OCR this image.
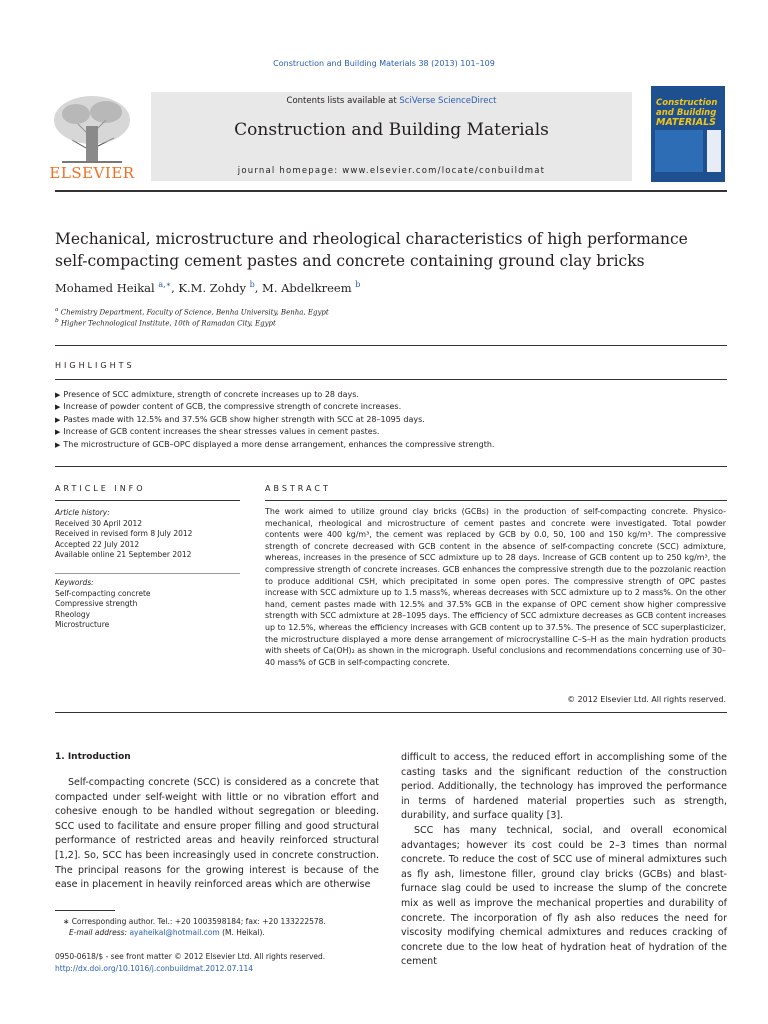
Construction and Building Materials 38 (2013) 101–109
ELSEVIER
Contents lists available at SciVerse ScienceDirect
Construction and Building Materials
journal homepage: www.elsevier.com/locate/conbuildmat
Construction
and Building
MATERIALS
Mechanical, microstructure and rheological characteristics of high performance
self-compacting cement pastes and concrete containing ground clay bricks
Mohamed Heikal $^{a,∗}$, K.M. Zohdy $^b$, M. Abdelkreem $^b$
$^a$ Chemistry Department, Faculty of Science, Benha University, Benha, Egypt
$^b$ Higher Technological Institute, 10th of Ramadan City, Egypt
HIGHLIGHTS
▶ Presence of SCC admixture, strength of concrete increases up to 28 days.
▶ Increase of powder content of GCB, the compressive strength of concrete increases.
▶ Pastes made with 12.5% and 37.5% GCB show higher strength with SCC at 28–1095 days.
▶ Increase of GCB content increases the shear stresses values in cement pastes.
▶ The microstructure of GCB–OPC displayed a more dense arrangement, enhances the compressive strength.
ARTICLE INFO
Article history:
Received 30 April 2012
Received in revised form 8 July 2012
Accepted 22 July 2012
Available online 21 September 2012
Keywords:
Self-compacting concrete
Compressive strength
Rheology
Microstructure
ABSTRACT
The work aimed to utilize ground clay bricks (GCBs) in the production of self-compacting concrete. Physico-mechanical, rheological and microstructure of cement pastes and concrete were investigated. Total powder contents were 400 kg/m³, the cement was replaced by GCB by 0.0, 50, 100 and 150 kg/m³. The compressive strength of concrete decreased with GCB content in the absence of self-compacting concrete (SCC) admixture, whereas, increases in the presence of SCC admixture up to 28 days. Increase of GCB content up to 250 kg/m³, the compressive strength of concrete increases. GCB enhances the compressive strength due to the pozzolanic reaction to produce additional CSH, which precipitated in some open pores. The compressive strength of OPC pastes increase with SCC admixture up to 1.5 mass%, whereas decreases with SCC admixture up to 2 mass%. On the other hand, cement pastes made with 12.5% and 37.5% GCB in the expanse of OPC cement show higher compressive strength with SCC admixture at 28–1095 days. The efficiency of SCC admixture decreases as GCB content increases up to 12.5%, whereas the efficiency increases with GCB content up to 37.5%. The presence of SCC superplasticizer, the microstructure displayed a more dense arrangement of microcrystalline C–S–H as the main hydration products with sheets of Ca(OH)₂ as shown in the micrograph. Useful conclusions and recommendations concerning use of 30–40 mass% of GCB in self-compacting concrete.
© 2012 Elsevier Ltd. All rights reserved.
1. Introduction

Self-compacting concrete (SCC) is considered as a concrete that compacted under self-weight with little or no vibration effort and cohesive enough to be handled without segregation or bleeding. SCC used to facilitate and ensure proper filling and good structural performance of restricted areas and heavily reinforced structural [1,2]. So, SCC has been increasingly used in concrete construction. The principal reasons for the growing interest is because of the ease in placement in heavily reinforced areas which are otherwise

difficult to access, the reduced effort in accomplishing some of the casting tasks and the significant reduction of the construction period. Additionally, the technology has improved the performance in terms of hardened material properties such as strength, durability, and surface quality [3].

SCC has many technical, social, and overall economical advantages; however its cost could be 2–3 times than normal concrete. To reduce the cost of SCC use of mineral admixtures such as fly ash, limestone filler, ground clay bricks (GCBs) and blast-furnace slag could be used to increase the slump of the concrete mix as well as improve the mechanical properties and durability of concrete. The incorporation of fly ash also reduces the need for viscosity modifying chemical admixtures and reduces cracking of concrete due to the low heat of hydration heat of hydration of the cement

∗ Corresponding author. Tel.: +20 1003598184; fax: +20 133222578.
E-mail address: ayaheikal@hotmail.com (M. Heikal).
0950-0618/$ - see front matter © 2012 Elsevier Ltd. All rights reserved.
http://dx.doi.org/10.1016/j.conbuildmat.2012.07.114
